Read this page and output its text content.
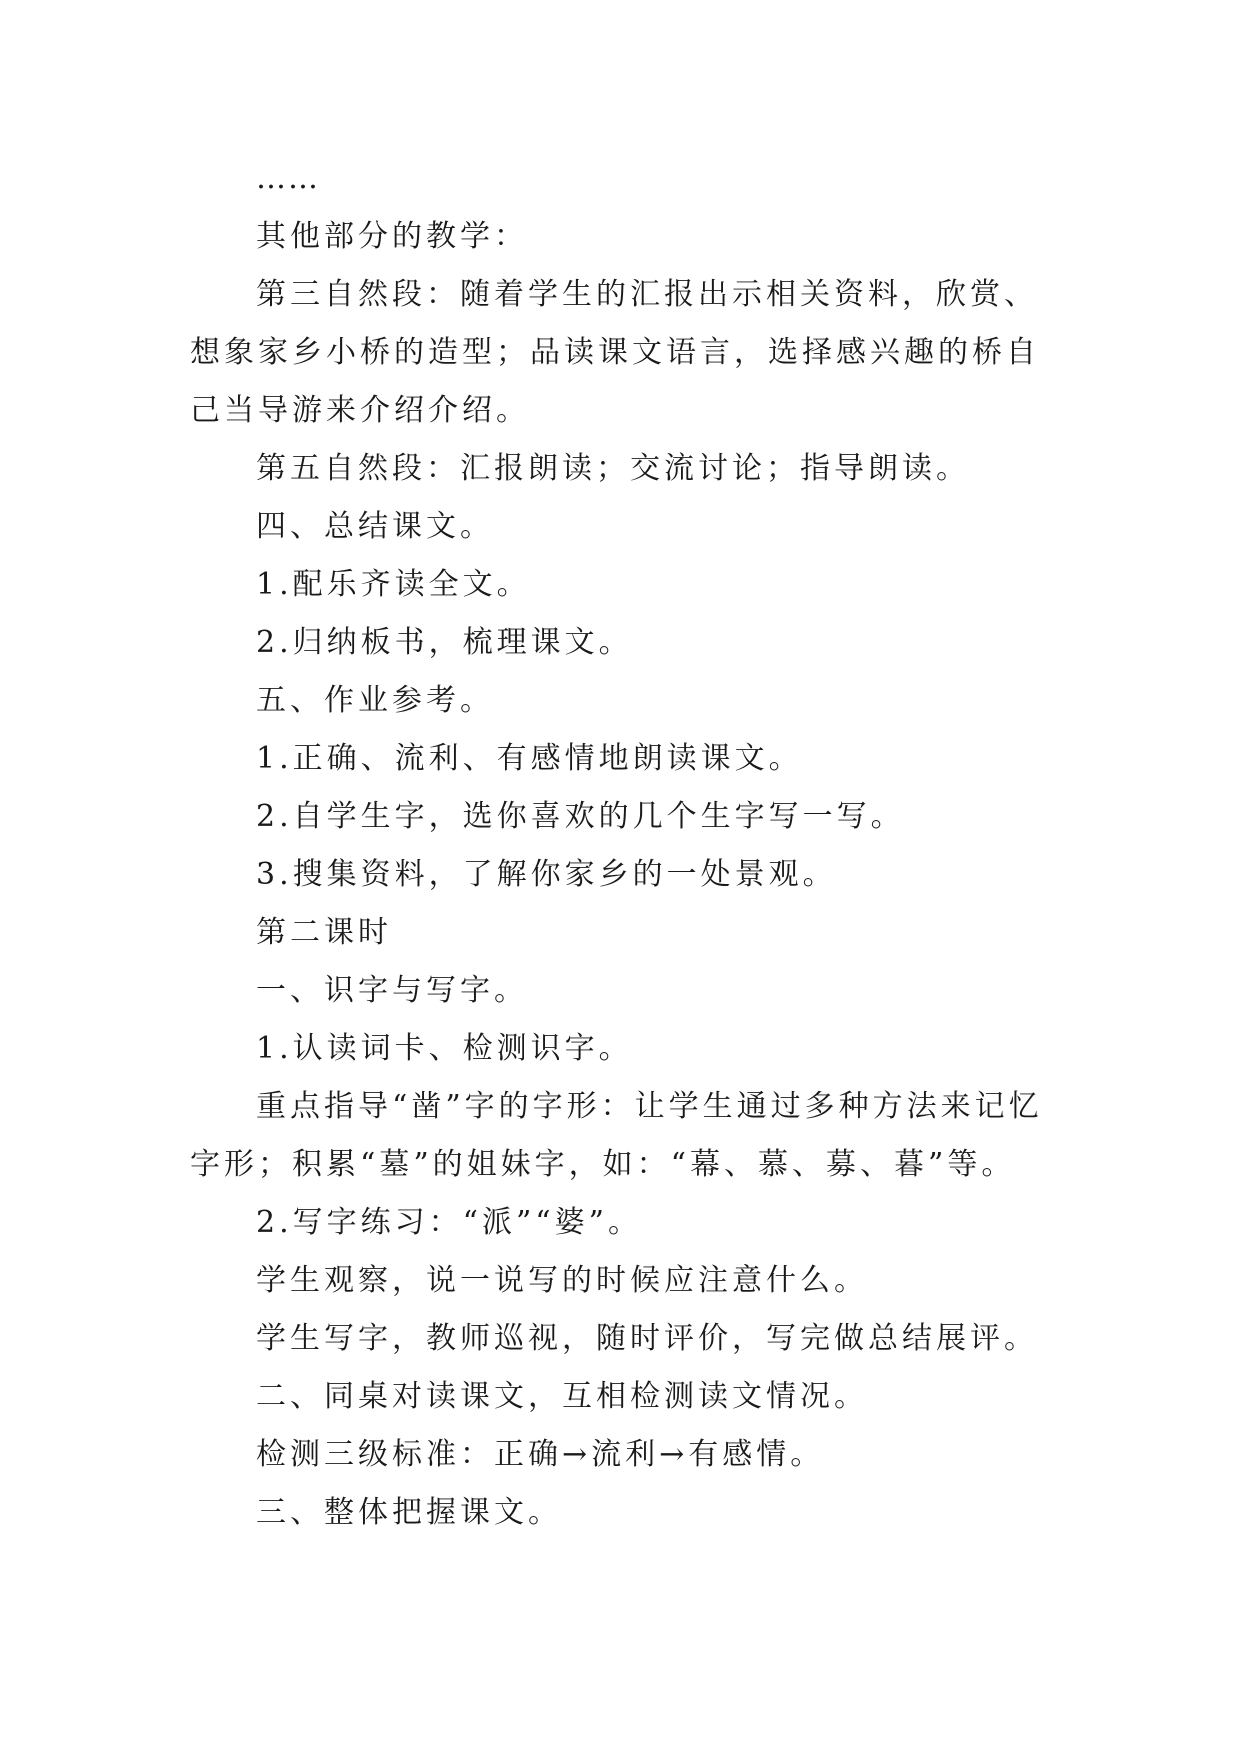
……

其他部分的教学：

第三自然段：随着学生的汇报出示相关资料，欣赏、想象家乡小桥的造型；品读课文语言，选择感兴趣的桥自己当导游来介绍介绍。

第五自然段：汇报朗读；交流讨论；指导朗读。

四、总结课文。

1.配乐齐读全文。

2.归纳板书，梳理课文。

五、作业参考。

1.正确、流利、有感情地朗读课文。

2.自学生字，选你喜欢的几个生字写一写。

3.搜集资料，了解你家乡的一处景观。

第二课时

一、识字与写字。

1.认读词卡、检测识字。

重点指导“凿”字的字形：让学生通过多种方法来记忆字形；积累“墓”的姐妹字，如：“幕、慕、募、暮”等。

2.写字练习：“派”“婆”。

学生观察，说一说写的时候应注意什么。

学生写字，教师巡视，随时评价，写完做总结展评。

二、同桌对读课文，互相检测读文情况。

检测三级标准：正确→流利→有感情。

三、整体把握课文。
